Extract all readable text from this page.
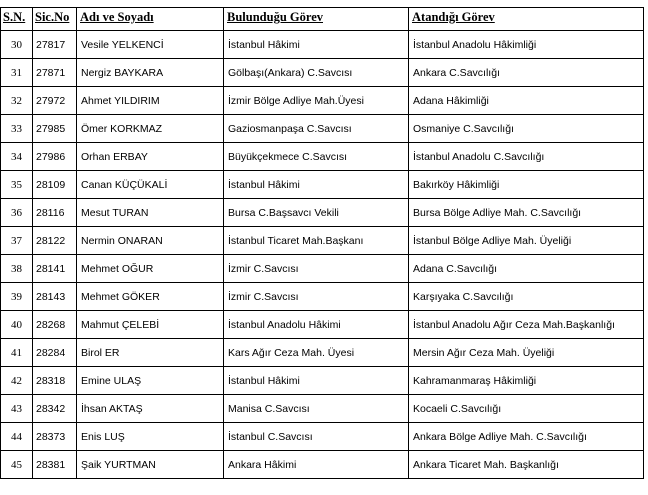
S.N.	Sic.No	Adı ve Soyadı	Bulunduğu Görev	Atandığı Görev
30	27817	Vesile YELKENCİ	İstanbul Hâkimi	İstanbul Anadolu Hâkimliği
31	27871	Nergiz BAYKARA	Gölbaşı(Ankara) C.Savcısı	Ankara C.Savcılığı
32	27972	Ahmet YILDIRIM	İzmir Bölge Adliye Mah.Üyesi	Adana Hâkimliği
33	27985	Ömer KORKMAZ	Gaziosmanpaşa C.Savcısı	Osmaniye C.Savcılığı
34	27986	Orhan ERBAY	Büyükçekmece C.Savcısı	İstanbul Anadolu C.Savcılığı
35	28109	Canan KÜÇÜKALİ	İstanbul Hâkimi	Bakırköy Hâkimliği
36	28116	Mesut TURAN	Bursa C.Başsavcı Vekili	Bursa Bölge Adliye Mah. C.Savcılığı
37	28122	Nermin ONARAN	İstanbul Ticaret Mah.Başkanı	İstanbul Bölge Adliye Mah. Üyeliği
38	28141	Mehmet OĞUR	İzmir C.Savcısı	Adana C.Savcılığı
39	28143	Mehmet GÖKER	İzmir C.Savcısı	Karşıyaka C.Savcılığı
40	28268	Mahmut ÇELEBİ	İstanbul Anadolu Hâkimi	İstanbul Anadolu Ağır Ceza Mah.Başkanlığı
41	28284	Birol ER	Kars Ağır Ceza Mah. Üyesi	Mersin Ağır Ceza Mah. Üyeliği
42	28318	Emine ULAŞ	İstanbul Hâkimi	Kahramanmaraş Hâkimliği
43	28342	İhsan AKTAŞ	Manisa C.Savcısı	Kocaeli C.Savcılığı
44	28373	Enis LUŞ	İstanbul C.Savcısı	Ankara Bölge Adliye Mah. C.Savcılığı
45	28381	Şaik YURTMAN	Ankara Hâkimi	Ankara Ticaret Mah. Başkanlığı
